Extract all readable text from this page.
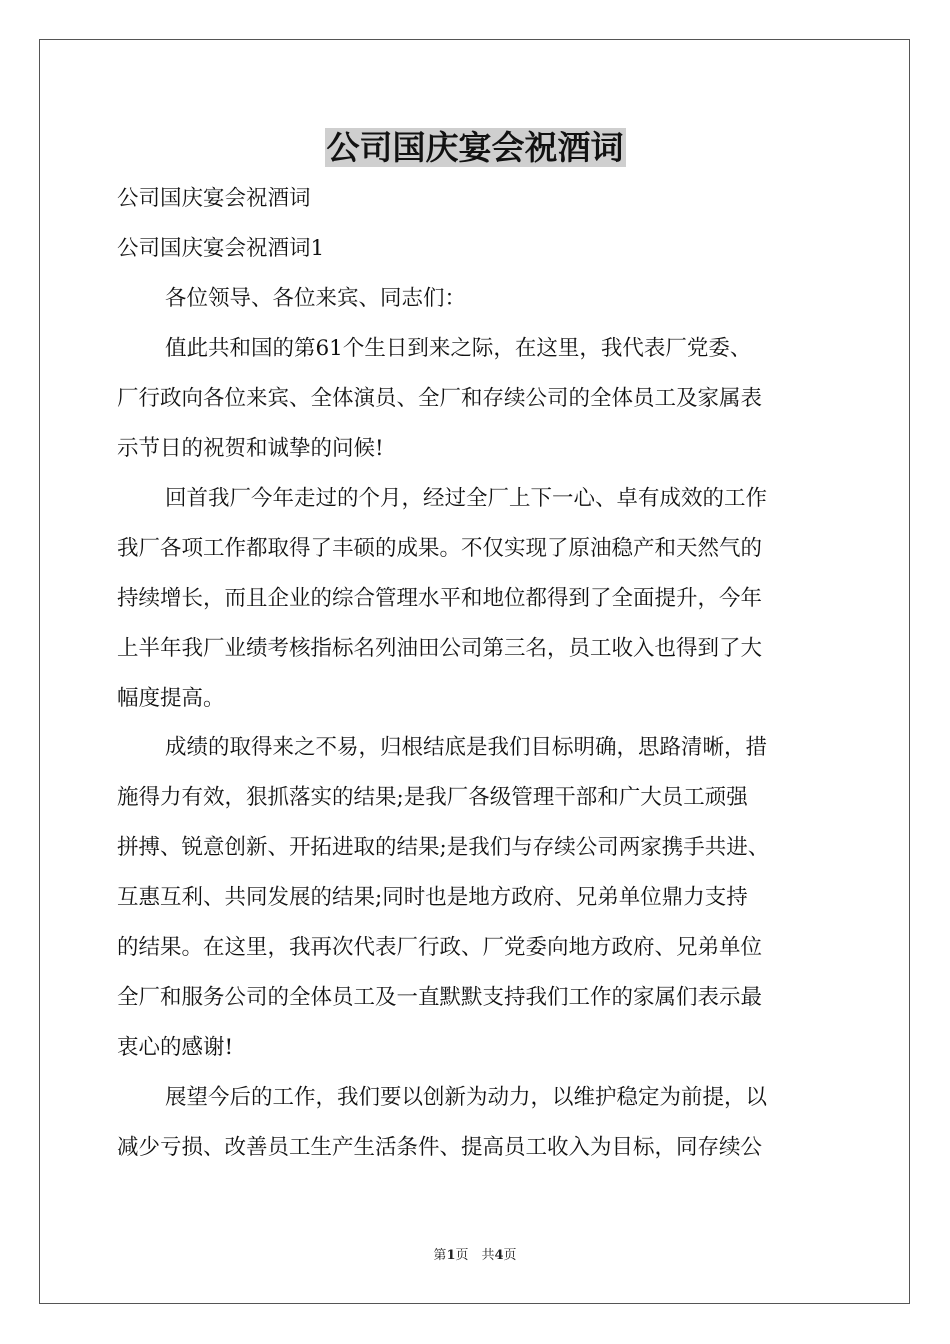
公司国庆宴会祝酒词
公司国庆宴会祝酒词
公司国庆宴会祝酒词1
各位领导、各位来宾、同志们：
值此共和国的第61个生日到来之际，在这里，我代表厂党委、
厂行政向各位来宾、全体演员、全厂和存续公司的全体员工及家属表
示节日的祝贺和诚挚的问候!
回首我厂今年走过的个月，经过全厂上下一心、卓有成效的工作
我厂各项工作都取得了丰硕的成果。不仅实现了原油稳产和天然气的
持续增长，而且企业的综合管理水平和地位都得到了全面提升，今年
上半年我厂业绩考核指标名列油田公司第三名，员工收入也得到了大
幅度提高。
成绩的取得来之不易，归根结底是我们目标明确，思路清晰，措
施得力有效，狠抓落实的结果;是我厂各级管理干部和广大员工顽强
拼搏、锐意创新、开拓进取的结果;是我们与存续公司两家携手共进、
互惠互利、共同发展的结果;同时也是地方政府、兄弟单位鼎力支持
的结果。在这里，我再次代表厂行政、厂党委向地方政府、兄弟单位
全厂和服务公司的全体员工及一直默默支持我们工作的家属们表示最
衷心的感谢!
展望今后的工作，我们要以创新为动力，以维护稳定为前提，以
减少亏损、改善员工生产生活条件、提高员工收入为目标，同存续公
第1页　共4页
